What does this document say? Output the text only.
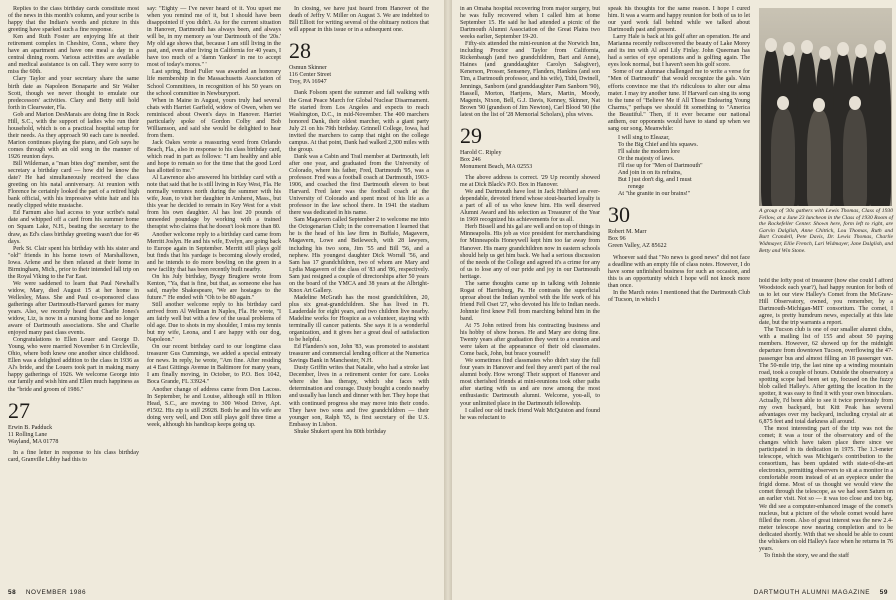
Replies to the class birthday cards constitute most of the news in this month's column, and your scribe is happy that the Indian's words and picture in this greeting have sparked such a fine response.

Ken and Ruth Foster are enjoying life at their retirement complex in Cheshire, Conn., where they have an apartment and have one meal a day in a central dining room. Various activities are available and medical assistance is on call. They were sorry to miss the 60th.

Clary Taylor and your secretary share the same birth date as Napoleon Bonaparte and Sir Walter Scott, though we never thought to emulate our predecessors' activities. Clary and Betty still hold forth in Clearwater, Fla.

Gob and Marion DesMarais are doing fine in Rock Hill, S.C., with the support of ladies who run their household, which is on a practical hospital setup for their needs. As they approach 90 each care is needed. Marion continues playing the piano, and Gob says he comes through with an old song in the manner of 1926 reunion days.

Bill Wildeman, a "man bites dog" member, sent the secretary a birthday card — how did he know the date? He had simultaneously received the class greeting on his natal anniversary. At reunion with Florence he certainly looked the part of a retired high bank official, with his impressive white hair and his neatly clipped white mustache.

Ed Farnum also had access to your scribe's natal date and whipped off a card from his summer home on Squam Lake, N.H., beating the secretary to the draw, as Ed's class birthday greeting wasn't due for 46 days.

Perk St. Clair spent his birthday with his sister and "old" friends in his home town of Marshalltown, Iowa. Arlene and he then relaxed at their home in Birmingham, Mich., prior to their intended fall trip on the Royal Viking to the Far East.

We were saddened to learn that Paul Newhall's widow, Mary, died August 15 at her home in Wellesley, Mass. She and Paul co-sponsored class gatherings after Dartmouth-Harvard games for many years. Also, we recently heard that Charlie Jones's widow, Liz, is now in a nursing home and no longer aware of Dartmouth associations. She and Charlie enjoyed many past class events.

Congratulations to Ellen Louer and George D. Young, who were married November 6 in Circleville, Ohio, where both knew one another since childhood. Ellen was a delighted addition to the class in 1936 as Al's bride, and the Louers took part in making many happy gatherings of 1926. We welcome George into our family and wish him and Ellen much happiness as the "bride and groom of 1986."

27
Erwin B. Padduck
11 Rolling Lane
Wayland, MA 01778

In a fine letter in response to his class birthday card, Granville Libby had this to

say: "Eighty — I've never heard of it. You upset me when you remind me of it, but I should have been disappointed if you didn't. As for the current situation in Hanover, Dartmouth has always been, and always will be, in my memory as 'our Dartmouth of the '20s.' My old age shows that, because I am still living in the past, and, even after living in California for 40 years, I have too much of a 'damn Yankee' in me to accept most of today's mores." '

Last spring, Brad Fuller was awarded an honorary life membership in the Massachusetts Association of School Committees, in recognition of his 50 years on the school committee in Newburyport.

When in Maine in August, yours truly had several chats with Harriet Garfield, widow of Owen, when we reminisced about Owen's days in Hanover. Harriet particularly spoke of Gordon Colby and Bob Williamson, and said she would be delighted to hear from them.

Jack Oakes wrote a reassuring word from Orlando Beach, Fla., also in response to his class birthday card, which read in part as follows: "I am healthy and able and hope to remain so for the time that the good Lord has allotted to me."

Al Lawrence also answered his birthday card with a note that said that he is still living in Key West, Fla. He normally ventures north during the summer with his wife, Jean, to visit her daughter in Amherst, Mass., but this year he decided to remain in Key West for a visit from his own daughter. Al has lost 20 pounds of unneeded poundage by working with a trained therapist who claims that he doesn't look more than 80.

Another welcome reply to a birthday card came from Merritt Joslyn. He and his wife, Evelyn, are going back to Europe again in September. Merritt still plays golf but finds that his yardage is becoming slowly eroded, and he intends to do more bowling on the green in a new facility that has been recently built nearby.

On his July birthday, Bysgy Brugiere wrote from Kenton, "Ya, that is fine, but that, as someone else has said, maybe Shakespeare, 'We are hostages to the future.'" He ended with "Oh to be 80 again."

Still another welcome reply to his birthday card arrived from Al Wellman in Naples, Fla. He wrote, "I am fairly well but with a few of the usual problems of old age. Due to shots in my shoulder, I miss my tennis but my wife, Leona, and I are happy with our dog, Napoleon."

On our recent birthday card to our longtime class treasurer Gus Cummings, we added a special entreaty for news. In reply, he wrote, "Am fine. After residing at 4 East Gittings Avenue in Baltimore for many years, I am finally moving, in October, to P.O. Box 1042, Boca Grande, FL 33924."

Another change of address came from Don Lacoss. In September, he and Louise, although still in Hilton Head, S.C., are moving to 300 Wood Drive, Apt. #1502. His zip is still 29928. Both he and his wife are doing very well, and Don still plays golf three time a week, although his handicap keeps going up.

In closing, we have just heard from Hanover of the death of Jeffry V. Miller on August 3. We are indebted to Bill Elliott for writing several of the obituary notices that will appear in this issue or in a subsequent one.

28
Osmun Skinner
116 Center Street
Troy, PA 16947

Dank Folsom spent the summer and fall walking with the Great Peace March for Global Nuclear Disarmament. He started from Los Angeles and expects to reach Washington, D.C., in mid-November. The 400 marchers honored Dank, their oldest marcher, with a giant party July 21 on his 79th birthday. Grinnell College, Iowa, had invited the marchers to camp that night on the college campus. At that point, Dank had walked 2,300 miles with the group.

Dank was a Cabin and Trail member at Dartmouth, left after one year, and graduated from the University of Colorado, where his father, Fred, Dartmouth '95, was a professor. Fred was a football coach at Dartmouth, 1903-1906, and coached the first Dartmouth eleven to beat Harvard. Fred later was the football coach at the University of Colorado and spent most of his life as a professor in the law school there. In 1941 the stadium there was dedicated in his name.

Sam Magavern called September 2 to welcome me into the Octogenarian Club; in the conversation I learned that he is the head of his law firm in Buffalo, Magavern, Magavern, Lowe and Beilewech, with 28 lawyers, including his two sons, Jim '55 and Bill '56, and a nephew. His youngest daughter Dick Worrall '56, and Sam has 17 grandchildren, two of whom are Mary and Lydia Magavern of the class of '83 and '86, respectively. Sam just resigned a couple of directorships after 50 years on the board of the YMCA and 38 years at the Albright-Knox Art Gallery.

Madeline McGrath has the most grandchildren, 20, plus six great-grandchildren. She has lived in Ft. Lauderdale for eight years, and two children live nearby. Madeline works for Hospice as a volunteer, staying with terminally ill cancer patients. She says it is a wonderful organization, and it gives her a great deal of satisfaction to be helpful.

Ed Flanders's son, John '83, was promoted to assistant treasurer and commercial lending officer at the Numerica Savings Bank in Manchester, N.H.

Dusty Griffin writes that Natalie, who had a stroke last December, lives in a retirement center for care. Looks where she has therapy, which she faces with determination and courage. Dusty bought a condo nearby and usually has lunch and dinner with her. They hope that with continued progress she may move into their condo. They have two sons and five grandchildren — their younger son, Ralph '65, is first secretary of the U.S. Embassy in Lisbon.

Shuke Shukert spent his 80th birthday

58 NOVEMBER 1986

in an Omaha hospital recovering from major surgery, but he was fully recovered when I called him at home September 15. He said he had attended a picnic of the Dartmouth Alumni Association of the Great Plains two weeks earlier, September 19-20.

Fifty-six attended the mini-reunion at the Norwich Inn, including Proctor and Taylor from California, Rickenbaugh (and two grandchildren, Bart and Anne), Haines (and granddaughter Carolyn Salsgiver), Kenerson, Prosser, Senseney, Flanders, Hankins (and son Tim, a Dartmouth professor, and his wife), Tidd, Dwinell, Jennings, Sanborn (and granddaughter Pam Sanborn '90), Hassell, Morton, Hartjens, Marx, Martin, Moody, Magenis, Nixon, Bell, G.J. Davis, Kenney, Skinner, Nat Brown '90 (grandson of Jim Newton), Carl Blood '90 (the latest on the list of '28 Memorial Scholars), plus wives.

29
Harold C. Ripley
Box 246
Monument Beach, MA 02553

The above address is correct. '29 Up recently showed me at Dick Black's P.O. Box in Hanover.

We and Dartmouth have lost in Jack Hubbard an ever-dependable, devoted friend whose stout-hearted loyalty is a part of all of us who knew him. His well deserved Alumni Award and his selection as Treasurer of the Year in 1969 recognized his achievements for us all.

Herb Bissell and his gal are well and on top of things in Minneapolis. His job as vice president for merchandising for Minneapolis Honeywell kept him too far away from Hanover. His many grandchildren now in eastern schools should help us get him back. We had a serious discussion of the needs of the College and agreed it's a crime for any of us to lose any of our pride and joy in our Dartmouth heritage.

The same thoughts came up in talking with Johnnie Rogat of Harrisburg, Pa. He contrasts the superficial uproar about the Indian symbol with the life work of his friend Fell Oset '27, who devoted his life to Indian needs. Johnnie first knew Fell from marching behind him in the band.

At 75 John retired from his contracting business and his hobby of show horses. He and Mary are doing fine. Twenty years after graduation they went to a reunion and were taken at the appearance of their old classmates. Come back, John, but brace yourself!

We sometimes find classmates who didn't stay the full four years in Hanover and feel they aren't part of the real alumni body. How wrong! Their support of Hanover and most cherished friends at mini-reunions took other paths after starting with us and are now among the most enthusiastic Dartmouth alumni. Welcome, you-all, to your unlimited place in the Dartmouth fellowship.

I called our old track friend Walt McQuiston and found he was reluctant to

speak his thoughts for the same reason. I hope I cured him. It was a warm and happy reunion for both of us to let our yard work fall behind while we talked about Dartmouth past and present.

Larry Hale is back at his golf after an operation. He and Marianna recently rediscovered the beauty of Lake Morey and its inn with Al and Lily Finlay. John Queeman has had a series of eye operations and is golfing again. The eyes look normal, but I haven't seen his golf score.

Some of our alumnae challenged me to write a verse for "Men of Dartmouth" that would recognize the gals. Vain efforts convince me that it's ridiculous to alter our alma mater. I may try another tune. If Harvard can sing its song to the tune of "Believe Me if All Those Endearing Young Charms," perhaps we should fit something to "America the Beautiful." Then, if it ever became our national anthem, our opponents would have to stand up when we sang our song. Meanwhile:

I will sing to Eleazar,
To the Big Chief and his squaws.
I'll salute the modern lore
Or the majesty of laws.
I'll rise up for "Men of Dartmouth"
And join in on its refrains,
But I just don't dig, and I must
renege
At "the granite in our brains!"
30
Robert M. Marr
Box 96
Green Valley, AZ 85622

Whoever said that "No news is good news" did not face a deadline with an empty file of class notes. However, I do have some unfinished business for such an occasion, and this is an opportunity which I hope will not knock more than once.

In the March notes I mentioned that the Dartmouth Club of Tucson, in which I

A group of '30s gathers with Lewis Thomas, Class of 1930 Fellow, at a June 23 luncheon in the Class of 1930 Room of the Rockefeller Center. Shown here, form left to right, are Garvin Dalglish, Anne Chittick, Lou Thomas, Ruth and Burt Crandell, Pete Davis, Dr. Lewis Thomas, Charlie Widmayer, Ellie French, Lari Widmayer, Jane Dalglish, and Betty and Win Stone.

hold the lofty post of treasurer (how else could I afford Woodstock each year?), had happy reunion for both of us to let our view Halley's Comet from the McGraw-Hill Observatory, owned, you remember, by a Dartmouth-Michigan-MIT consortium. The comet, I agree, is pretty humdrum news, especially at this late date, but the trip warrants a report.

The Tucson club is one of our smaller alumni clubs, with a mailing list of 155 and about 50 paying members. However, 62 showed up for the midnight departure from downtown Tucson, overflowing the 47-passenger bus and almost filling an 18 passenger van. The 50-mile trip, the last nine up a winding mountain road, took a couple of hours. Outside the observatory a spotting scope had been set up, focused on the fuzzy blob called Halley's. After getting the location in the spotter, it was easy to find it with your own binoculars. Actually, I'd been able to see it twice previously from my own backyard, but Kitt Peak has several advantages over my backyard, including crystal air at 6,875 feet and total darkness all around.

The most interesting part of the trip was not the comet; it was a tour of the observatory and of the changes which have taken place there since we participated in its dedication in 1975. The 1.3-meter telescope, which was Michigan's contribution to the consortium, has been updated with state-of-the-art electronics, permitting observers to sit at a monitor in a comfortable room instead of at an eyepiece under the frigid dome. Most of us thought we would view the comet through the telescope, as we had seen Saturn on an earlier visit. Not so — it was too close and too big. We did see a computer-enhanced image of the comet's nucleus, but a picture of the whole comet would have filled the room. Also of great interest was the new 2.4-meter telescope now nearing completion and to be dedicated shortly. With that we should be able to count the whiskers on old Halley's face when he returns in 76 years.

To finish the story, we and the staff

DARTMOUTH ALUMNI MAGAZINE 59
